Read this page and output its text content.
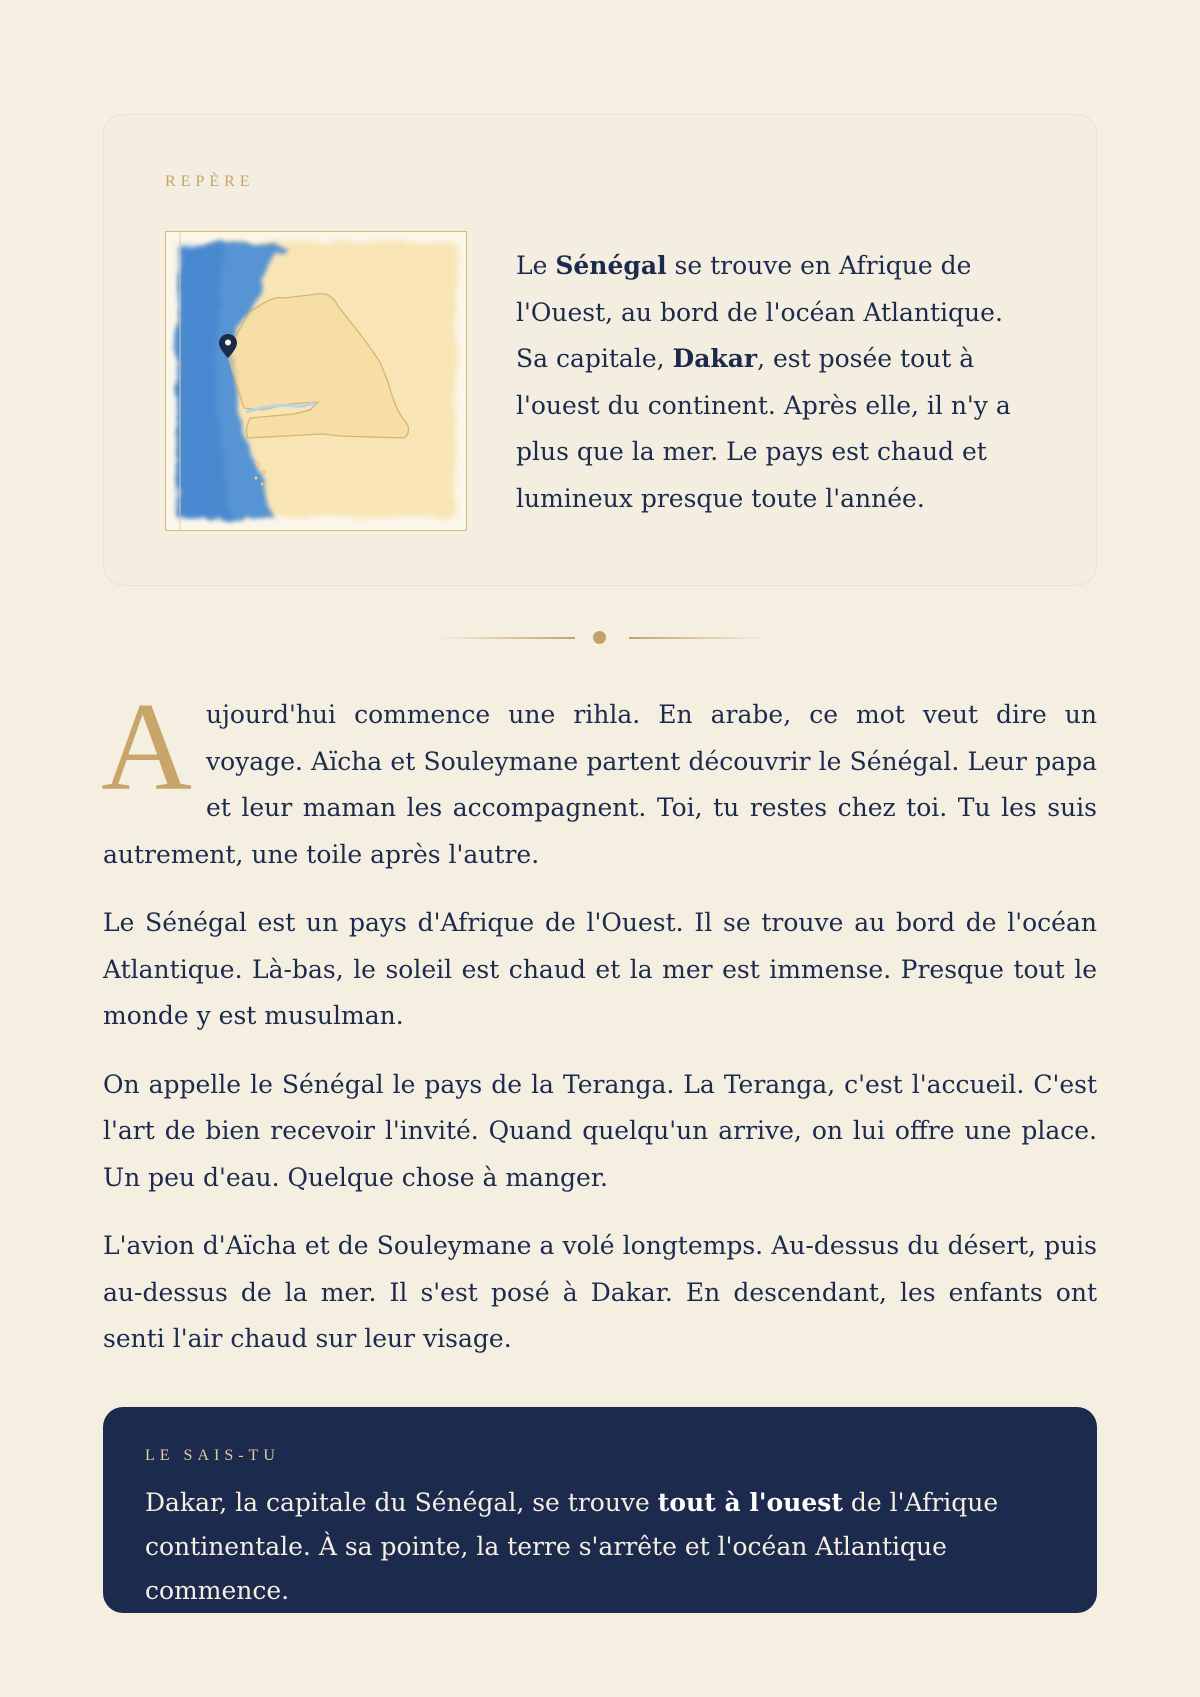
REPÈRE
Le Sénégal se trouve en Afrique de l'Ouest, au bord de l'océan Atlantique. Sa capitale, Dakar, est posée tout à l'ouest du continent. Après elle, il n'y a plus que la mer. Le pays est chaud et lumineux presque toute l'année.

Aujourd'hui commence une rihla. En arabe, ce mot veut dire un voyage. Aïcha et Souleymane partent découvrir le Sénégal. Leur papa et leur maman les accompagnent. Toi, tu restes chez toi. Tu les suis autrement, une toile après l'autre.

Le Sénégal est un pays d'Afrique de l'Ouest. Il se trouve au bord de l'océan Atlantique. Là-bas, le soleil est chaud et la mer est immense. Presque tout le monde y est musulman.

On appelle le Sénégal le pays de la Teranga. La Teranga, c'est l'accueil. C'est l'art de bien recevoir l'invité. Quand quelqu'un arrive, on lui offre une place. Un peu d'eau. Quelque chose à manger.

L'avion d'Aïcha et de Souleymane a volé longtemps. Au-dessus du désert, puis au-dessus de la mer. Il s'est posé à Dakar. En descendant, les enfants ont senti l'air chaud sur leur visage.

LE SAIS-TU
Dakar, la capitale du Sénégal, se trouve tout à l'ouest de l'Afrique continentale. À sa pointe, la terre s'arrête et l'océan Atlantique commence.
